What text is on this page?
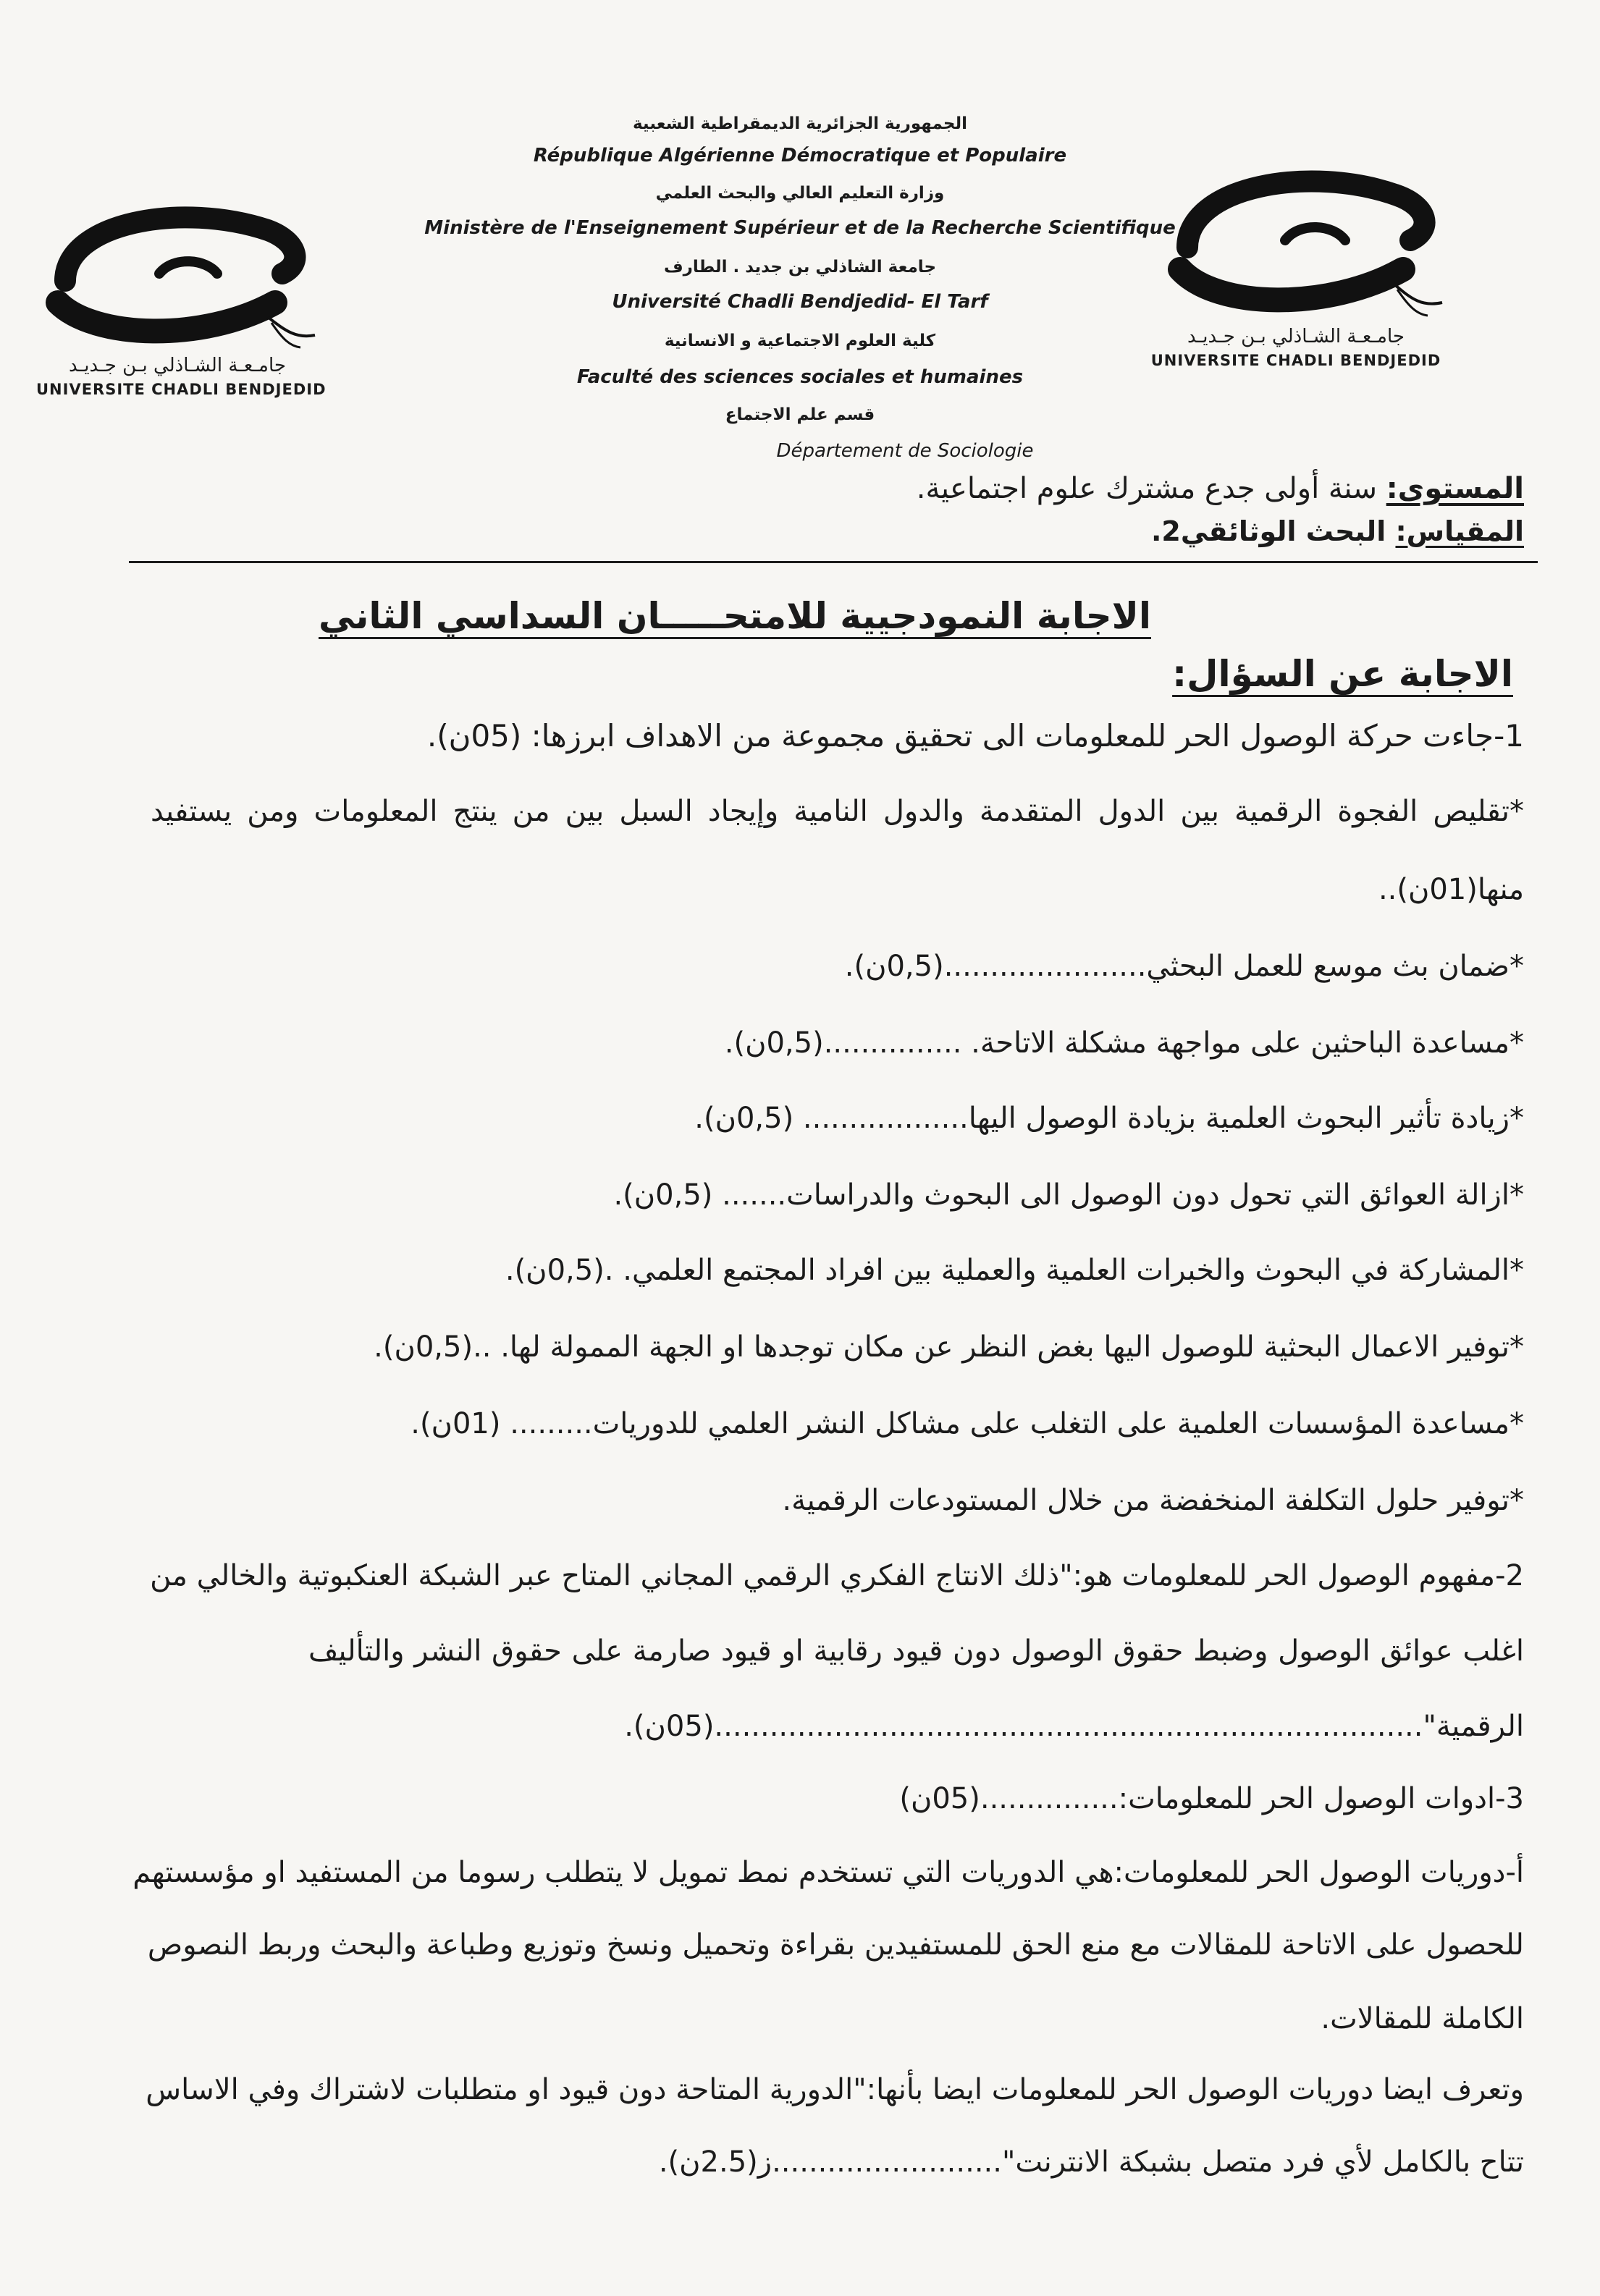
جامـعـة الشـاذلي بـن جـديـد
UNIVERSITE CHADLI BENDJEDID
جامـعـة الشـاذلي بـن جـديـد
UNIVERSITE CHADLI BENDJEDID
الجمهورية الجزائرية الديمقراطية الشعبية
République Algérienne Démocratique et Populaire
وزارة التعليم العالي والبحث العلمي
Ministère de l'Enseignement Supérieur et de la Recherche Scientifique
جامعة الشاذلي بن جديد . الطارف
Université Chadli Bendjedid- El Tarf
كلية العلوم الاجتماعية و الانسانية
Faculté des sciences sociales et humaines
قسم علم الاجتماع
Département de Sociologie
المستوى: سنة أولى جدع مشترك علوم اجتماعية.
المقياس: البحث الوثائقي2.
الاجابة النمودجيية للامتحـــــان السداسي الثاني
الاجابة عن السؤال:
1-جاءت حركة الوصول الحر للمعلومات الى تحقيق مجموعة من الاهداف ابرزها: (05ن).
*تقليص الفجوة الرقمية بين الدول المتقدمة والدول النامية وإيجاد السبل بين من ينتج المعلومات ومن يستفيد
منها(01ن)..
*ضمان بث موسع للعمل البحثي......................(0,5ن).
*مساعدة الباحثين على مواجهة مشكلة الاتاحة. ...............(0,5ن).
*زيادة تأثير البحوث العلمية بزيادة الوصول اليها.................. (0,5ن).
*ازالة العوائق التي تحول دون الوصول الى البحوث والدراسات....... (0,5ن).
*المشاركة في البحوث والخبرات العلمية والعملية بين افراد المجتمع العلمي. .(0,5ن).
*توفير الاعمال البحثية للوصول اليها بغض النظر عن مكان توجدها او الجهة الممولة لها. ..(0,5ن).
*مساعدة المؤسسات العلمية على التغلب على مشاكل النشر العلمي للدوريات......... (01ن).
*توفير حلول التكلفة المنخفضة من خلال المستودعات الرقمية.
2-مفهوم الوصول الحر للمعلومات هو:"ذلك الانتاج الفكري الرقمي المجاني المتاح عبر الشبكة العنكبوتية والخالي من
اغلب عوائق الوصول وضبط حقوق الوصول دون قيود رقابية او قيود صارمة على حقوق النشر والتأليف
الرقمية".............................................................................(05ن).
3-ادوات الوصول الحر للمعلومات:...............(05ن)
أ-دوريات الوصول الحر للمعلومات:هي الدوريات التي تستخدم نمط تمويل لا يتطلب رسوما من المستفيد او مؤسستهم
للحصول على الاتاحة للمقالات مع منع الحق للمستفيدين بقراءة وتحميل ونسخ وتوزيع وطباعة والبحث وربط النصوص
الكاملة للمقالات.
وتعرف ايضا دوريات الوصول الحر للمعلومات ايضا بأنها:"الدورية المتاحة دون قيود او متطلبات لاشتراك وفي الاساس
تتاح بالكامل لأي فرد متصل بشبكة الانترنت".........................ز(2.5ن).
